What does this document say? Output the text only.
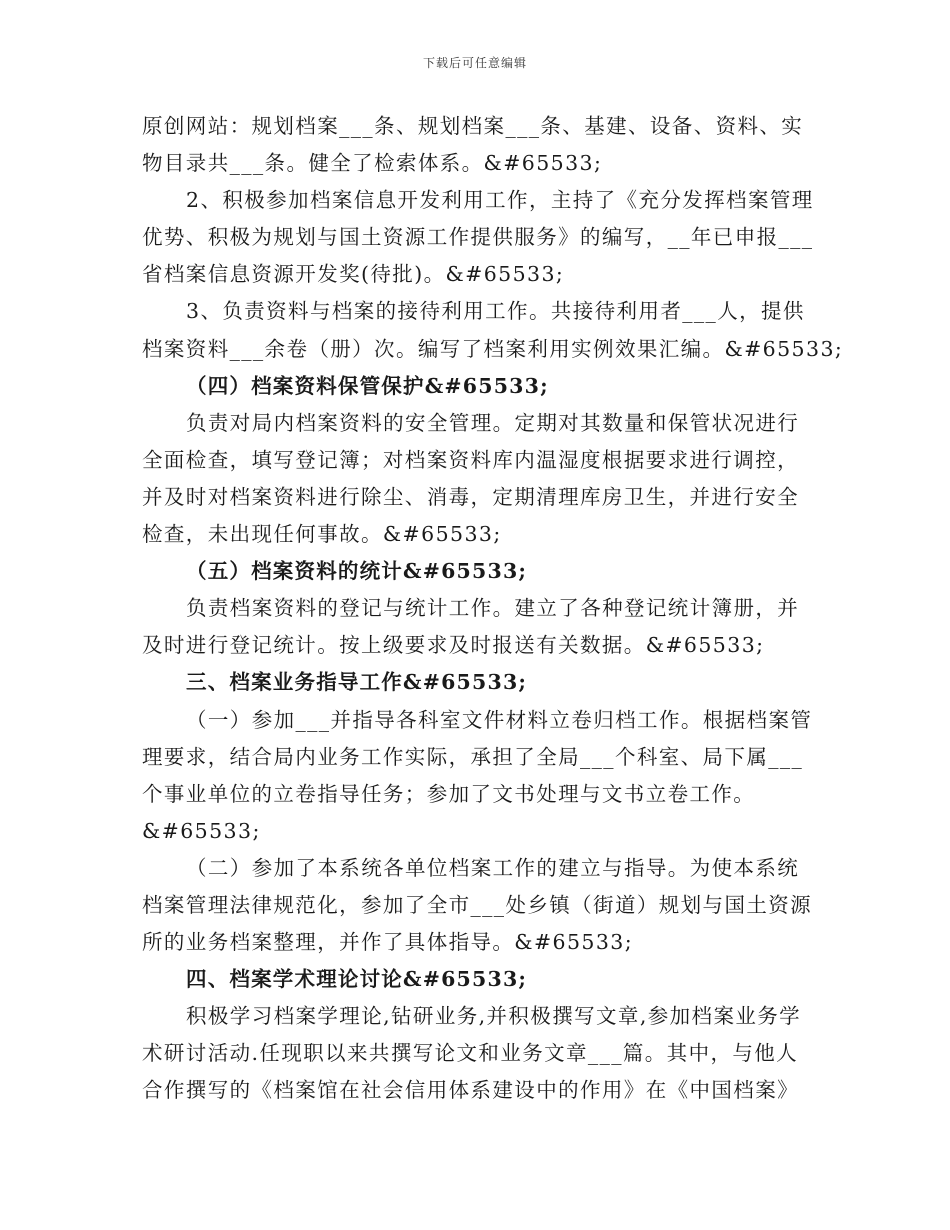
下载后可任意编辑
原创网站：规划档案___条、规划档案___条、基建、设备、资料、实
物目录共___条。健全了检索体系。&#65533;
2、积极参加档案信息开发利用工作，主持了《充分发挥档案管理
优势、积极为规划与国土资源工作提供服务》的编写，__年已申报___
省档案信息资源开发奖(待批)。&#65533;
3、负责资料与档案的接待利用工作。共接待利用者___人，提供
档案资料___余卷（册）次。编写了档案利用实例效果汇编。&#65533;
（四）档案资料保管保护&#65533;
负责对局内档案资料的安全管理。定期对其数量和保管状况进行
全面检查，填写登记簿；对档案资料库内温湿度根据要求进行调控，
并及时对档案资料进行除尘、消毒，定期清理库房卫生，并进行安全
检查，未出现任何事故。&#65533;
（五）档案资料的统计&#65533;
负责档案资料的登记与统计工作。建立了各种登记统计簿册，并
及时进行登记统计。按上级要求及时报送有关数据。&#65533;
三、档案业务指导工作&#65533;
（一）参加___并指导各科室文件材料立卷归档工作。根据档案管
理要求，结合局内业务工作实际，承担了全局___个科室、局下属___
个事业单位的立卷指导任务；参加了文书处理与文书立卷工作。
&#65533;
（二）参加了本系统各单位档案工作的建立与指导。为使本系统
档案管理法律规范化，参加了全市___处乡镇（街道）规划与国土资源
所的业务档案整理，并作了具体指导。&#65533;
四、档案学术理论讨论&#65533;
积极学习档案学理论,钻研业务,并积极撰写文章,参加档案业务学
术研讨活动.任现职以来共撰写论文和业务文章___篇。其中，与他人
合作撰写的《档案馆在社会信用体系建设中的作用》在《中国档案》
